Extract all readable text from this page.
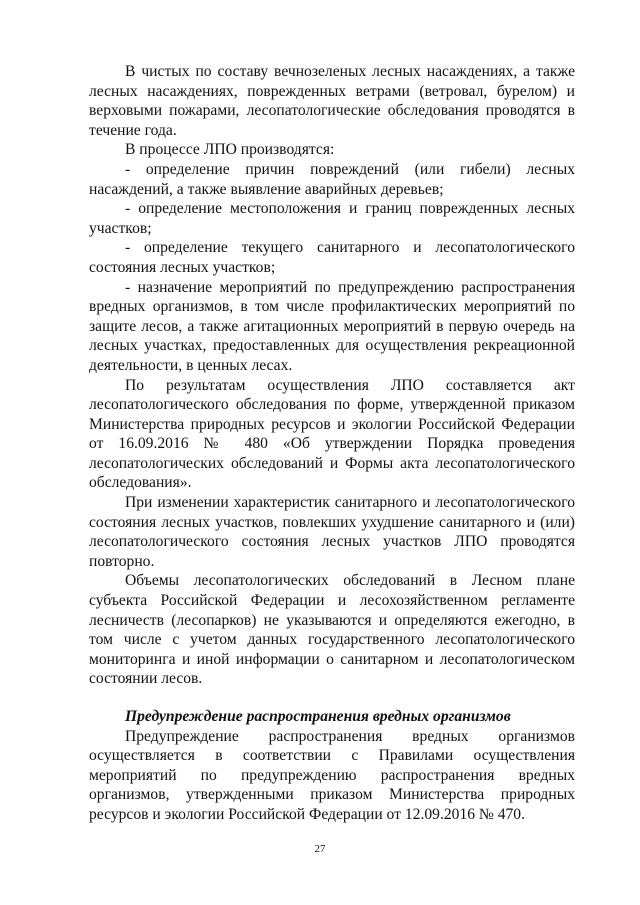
В чистых по составу вечнозеленых лесных насаждениях, а также лесных насаждениях, поврежденных ветрами (ветровал, бурелом) и верховыми пожарами, лесопатологические обследования проводятся в течение года.

В процессе ЛПО производятся:

- определение причин повреждений (или гибели) лесных насаждений, а также выявление аварийных деревьев;

- определение местоположения и границ поврежденных лесных участков;

- определение текущего санитарного и лесопатологического состояния лесных участков;

- назначение мероприятий по предупреждению распространения вредных организмов, в том числе профилактических мероприятий по защите лесов, а также агитационных мероприятий в первую очередь на лесных участках, предоставленных для осуществления рекреационной деятельности, в ценных лесах.

По результатам осуществления ЛПО составляется акт лесопатологического обследования по форме, утвержденной приказом Министерства природных ресурсов и экологии Российской Федерации от 16.09.2016 № 480 «Об утверждении Порядка проведения лесопатологических обследований и Формы акта лесопатологического обследования».

При изменении характеристик санитарного и лесопатологического состояния лесных участков, повлекших ухудшение санитарного и (или) лесопатологического состояния лесных участков ЛПО проводятся повторно.

Объемы лесопатологических обследований в Лесном плане субъекта Российской Федерации и лесохозяйственном регламенте лесничеств (лесопарков) не указываются и определяются ежегодно, в том числе с учетом данных государственного лесопатологического мониторинга и иной информации о санитарном и лесопатологическом состоянии лесов.

Предупреждение распространения вредных организмов

Предупреждение распространения вредных организмов осуществляется в соответствии с Правилами осуществления мероприятий по предупреждению распространения вредных организмов, утвержденными приказом Министерства природных ресурсов и экологии Российской Федерации от 12.09.2016 № 470.

27
